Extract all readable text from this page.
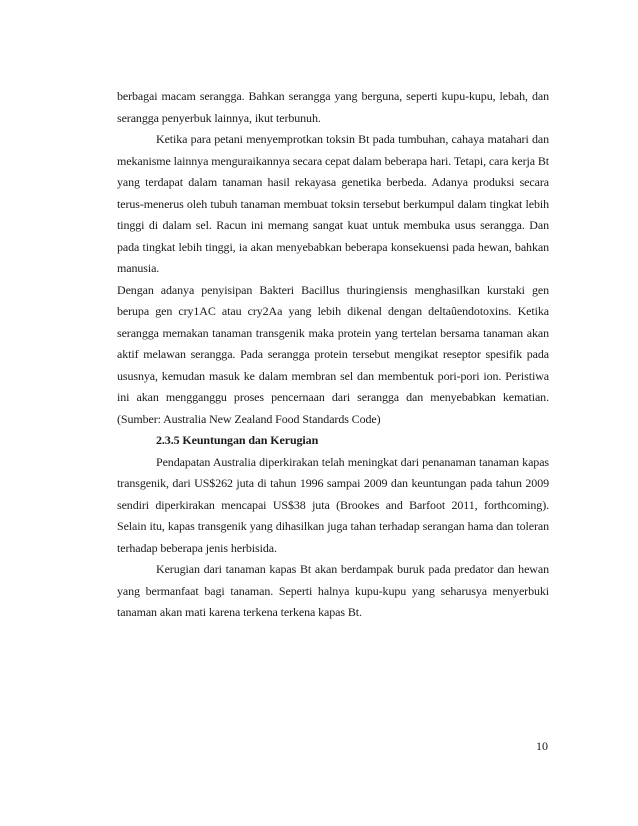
berbagai macam serangga. Bahkan serangga yang berguna, seperti kupu-kupu, lebah, dan serangga penyerbuk lainnya, ikut terbunuh.

Ketika para petani menyemprotkan toksin Bt pada tumbuhan, cahaya matahari dan mekanisme lainnya menguraikannya secara cepat dalam beberapa hari. Tetapi, cara kerja Bt yang terdapat dalam tanaman hasil rekayasa genetika berbeda. Adanya produksi secara terus-menerus oleh tubuh tanaman membuat toksin tersebut berkumpul dalam tingkat lebih tinggi di dalam sel. Racun ini memang sangat kuat untuk membuka usus serangga. Dan pada tingkat lebih tinggi, ia akan menyebabkan beberapa konsekuensi pada hewan, bahkan manusia.

Dengan adanya penyisipan Bakteri Bacillus thuringiensis menghasilkan kurstaki gen berupa gen cry1AC atau cry2Aa yang lebih dikenal dengan deltaûendotoxins. Ketika serangga memakan tanaman transgenik maka protein yang tertelan bersama tanaman akan aktif melawan serangga. Pada serangga protein tersebut mengikat reseptor spesifik pada ususnya, kemudan masuk ke dalam membran sel dan membentuk pori-pori ion. Peristiwa ini akan mengganggu proses pencernaan dari serangga dan menyebabkan kematian. (Sumber: Australia New Zealand Food Standards Code)

2.3.5 Keuntungan dan Kerugian

Pendapatan Australia diperkirakan telah meningkat dari penanaman tanaman kapas transgenik, dari US$262 juta di tahun 1996 sampai 2009 dan keuntungan pada tahun 2009 sendiri diperkirakan mencapai US$38 juta (Brookes and Barfoot 2011, forthcoming). Selain itu, kapas transgenik yang dihasilkan juga tahan terhadap serangan hama dan toleran terhadap beberapa jenis herbisida.

Kerugian dari tanaman kapas Bt akan berdampak buruk pada predator dan hewan yang bermanfaat bagi tanaman. Seperti halnya kupu-kupu yang seharusya menyerbuki tanaman akan mati karena terkena terkena kapas Bt.

10
